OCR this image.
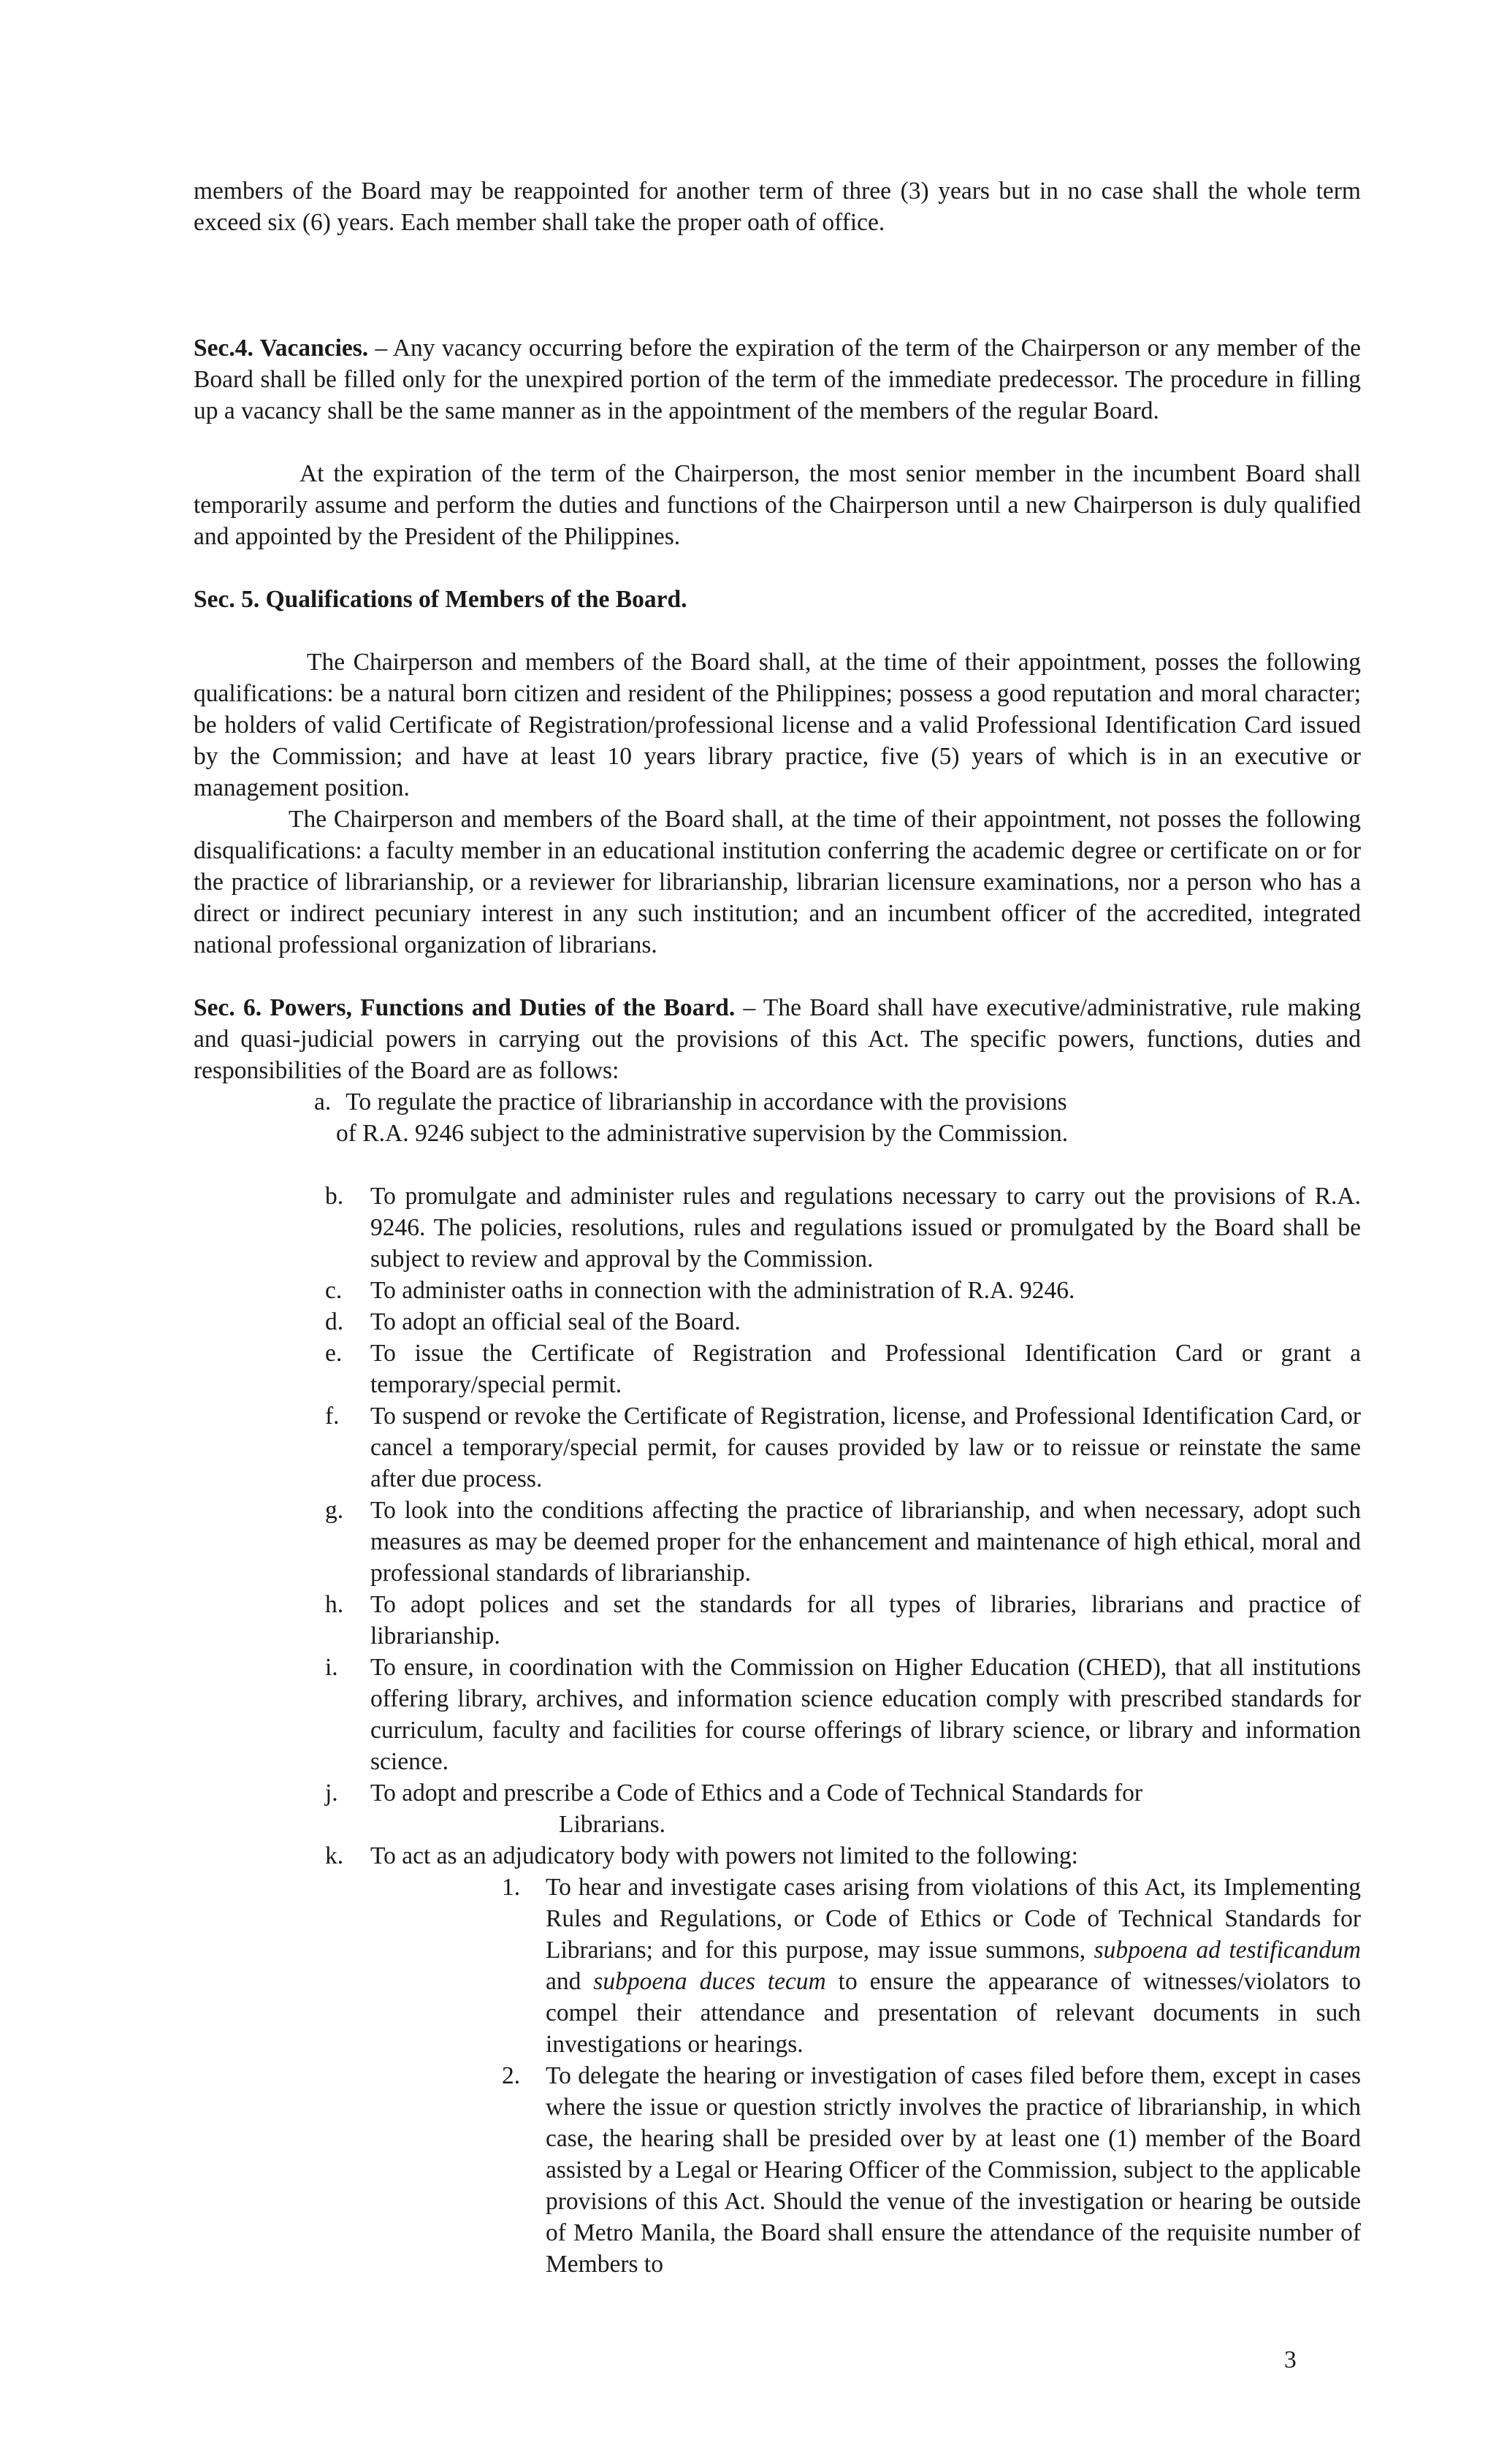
members of the Board may be reappointed for another term of three (3) years but in no case shall the whole term exceed six (6) years. Each member shall take the proper oath of office.

Sec.4. Vacancies. – Any vacancy occurring before the expiration of the term of the Chairperson or any member of the Board shall be filled only for the unexpired portion of the term of the immediate predecessor. The procedure in filling up a vacancy shall be the same manner as in the appointment of the members of the regular Board.

At the expiration of the term of the Chairperson, the most senior member in the incumbent Board shall temporarily assume and perform the duties and functions of the Chairperson until a new Chairperson is duly qualified and appointed by the President of the Philippines.

Sec. 5. Qualifications of Members of the Board.

The Chairperson and members of the Board shall, at the time of their appointment, posses the following qualifications: be a natural born citizen and resident of the Philippines; possess a good reputation and moral character; be holders of valid Certificate of Registration/professional license and a valid Professional Identification Card issued by the Commission; and have at least 10 years library practice, five (5) years of which is in an executive or management position.

The Chairperson and members of the Board shall, at the time of their appointment, not posses the following disqualifications: a faculty member in an educational institution conferring the academic degree or certificate on or for the practice of librarianship, or a reviewer for librarianship, librarian licensure examinations, nor a person who has a direct or indirect pecuniary interest in any such institution; and an incumbent officer of the accredited, integrated national professional organization of librarians.

Sec. 6. Powers, Functions and Duties of the Board. – The Board shall have executive/administrative, rule making and quasi-judicial powers in carrying out the provisions of this Act. The specific powers, functions, duties and responsibilities of the Board are as follows:

a. To regulate the practice of librarianship in accordance with the provisions
of R.A. 9246 subject to the administrative supervision by the Commission.
b. To promulgate and administer rules and regulations necessary to carry out the provisions of R.A. 9246. The policies, resolutions, rules and regulations issued or promulgated by the Board shall be subject to review and approval by the Commission.
c. To administer oaths in connection with the administration of R.A. 9246.
d. To adopt an official seal of the Board.
e. To issue the Certificate of Registration and Professional Identification Card or grant a temporary/special permit.
f. To suspend or revoke the Certificate of Registration, license, and Professional Identification Card, or cancel a temporary/special permit, for causes provided by law or to reissue or reinstate the same after due process.
g. To look into the conditions affecting the practice of librarianship, and when necessary, adopt such measures as may be deemed proper for the enhancement and maintenance of high ethical, moral and professional standards of librarianship.
h. To adopt polices and set the standards for all types of libraries, librarians and practice of librarianship.
i. To ensure, in coordination with the Commission on Higher Education (CHED), that all institutions offering library, archives, and information science education comply with prescribed standards for curriculum, faculty and facilities for course offerings of library science, or library and information science.
j. To adopt and prescribe a Code of Ethics and a Code of Technical Standards for
Librarians.
k. To act as an adjudicatory body with powers not limited to the following:
1. To hear and investigate cases arising from violations of this Act, its Implementing Rules and Regulations, or Code of Ethics or Code of Technical Standards for Librarians; and for this purpose, may issue summons, subpoena ad testificandum and subpoena duces tecum to ensure the appearance of witnesses/violators to compel their attendance and presentation of relevant documents in such investigations or hearings.
2. To delegate the hearing or investigation of cases filed before them, except in cases where the issue or question strictly involves the practice of librarianship, in which case, the hearing shall be presided over by at least one (1) member of the Board assisted by a Legal or Hearing Officer of the Commission, subject to the applicable provisions of this Act. Should the venue of the investigation or hearing be outside of Metro Manila, the Board shall ensure the attendance of the requisite number of Members to
3
